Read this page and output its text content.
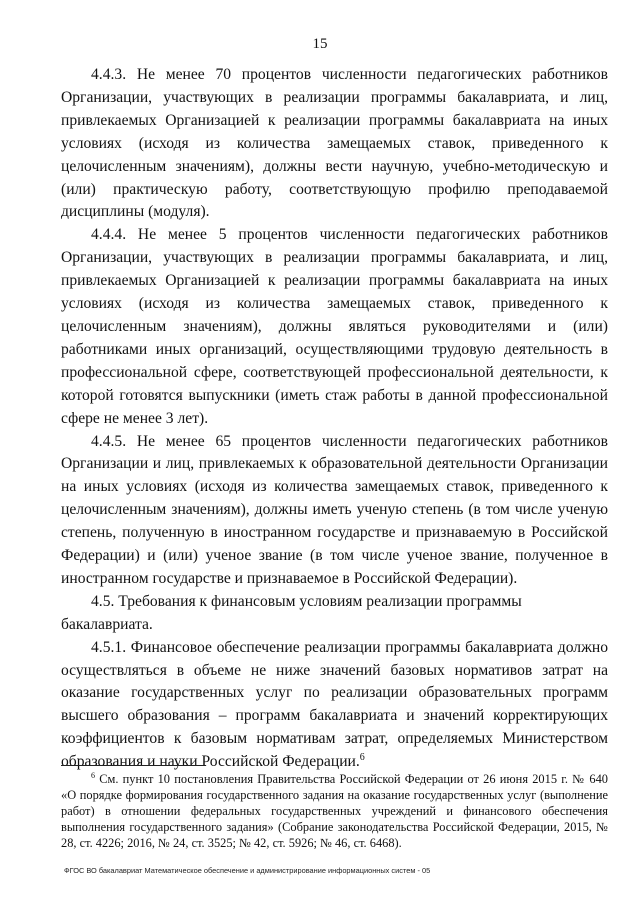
15

4.4.3. Не менее 70 процентов численности педагогических работников Организации, участвующих в реализации программы бакалавриата, и лиц, привлекаемых Организацией к реализации программы бакалавриата на иных условиях (исходя из количества замещаемых ставок, приведенного к целочисленным значениям), должны вести научную, учебно-методическую и (или) практическую работу, соответствующую профилю преподаваемой дисциплины (модуля).

4.4.4. Не менее 5 процентов численности педагогических работников Организации, участвующих в реализации программы бакалавриата, и лиц, привлекаемых Организацией к реализации программы бакалавриата на иных условиях (исходя из количества замещаемых ставок, приведенного к целочисленным значениям), должны являться руководителями и (или) работниками иных организаций, осуществляющими трудовую деятельность в профессиональной сфере, соответствующей профессиональной деятельности, к которой готовятся выпускники (иметь стаж работы в данной профессиональной сфере не менее 3 лет).

4.4.5. Не менее 65 процентов численности педагогических работников Организации и лиц, привлекаемых к образовательной деятельности Организации на иных условиях (исходя из количества замещаемых ставок, приведенного к целочисленным значениям), должны иметь ученую степень (в том числе ученую степень, полученную в иностранном государстве и признаваемую в Российской Федерации) и (или) ученое звание (в том числе ученое звание, полученное в иностранном государстве и признаваемое в Российской Федерации).

4.5. Требования к финансовым условиям реализации программы бакалавриата.

4.5.1. Финансовое обеспечение реализации программы бакалавриата должно осуществляться в объеме не ниже значений базовых нормативов затрат на оказание государственных услуг по реализации образовательных программ высшего образования – программ бакалавриата и значений корректирующих коэффициентов к базовым нормативам затрат, определяемых Министерством образования и науки Российской Федерации.$^6$

$^6$ См. пункт 10 постановления Правительства Российской Федерации от 26 июня 2015 г. № 640 «О порядке формирования государственного задания на оказание государственных услуг (выполнение работ) в отношении федеральных государственных учреждений и финансового обеспечения выполнения государственного задания» (Собрание законодательства Российской Федерации, 2015, № 28, ст. 4226; 2016, № 24, ст. 3525; № 42, ст. 5926; № 46, ст. 6468).

ФГОС ВО бакалавриат Математическое обеспечение и администрирование информационных систем - 05
